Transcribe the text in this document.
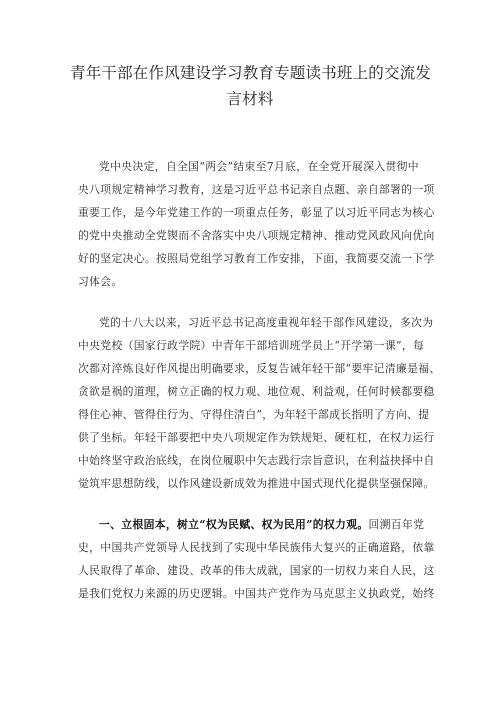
青年干部在作风建设学习教育专题读书班上的交流发
言材料

党中央决定，自全国“两会”结束至7月底，在全党开展深入贯彻中
央八项规定精神学习教育，这是习近平总书记亲自点题、亲自部署的一项
重要工作，是今年党建工作的一项重点任务，彰显了以习近平同志为核心
的党中央推动全党锲而不舍落实中央八项规定精神、推动党风政风向优向
好的坚定决心。按照局党组学习教育工作安排，下面，我简要交流一下学
习体会。

党的十八大以来，习近平总书记高度重视年轻干部作风建设，多次为
中央党校（国家行政学院）中青年干部培训班学员上“开学第一课”，每
次都对淬炼良好作风提出明确要求，反复告诫年轻干部“要牢记清廉是福、
贪欲是祸的道理，树立正确的权力观、地位观、利益观，任何时候都要稳
得住心神、管得住行为、守得住清白”，为年轻干部成长指明了方向、提
供了坐标。年轻干部要把中央八项规定作为铁规矩、硬杠杠，在权力运行
中始终坚守政治底线，在岗位履职中矢志践行宗旨意识，在利益抉择中自
觉筑牢思想防线，以作风建设新成效为推进中国式现代化提供坚强保障。

一、立根固本，树立“权为民赋、权为民用”的权力观。回溯百年党
史，中国共产党领导人民找到了实现中华民族伟大复兴的正确道路，依靠
人民取得了革命、建设、改革的伟大成就，国家的一切权力来自人民，这
是我们党权力来源的历史逻辑。中国共产党作为马克思主义执政党，始终
